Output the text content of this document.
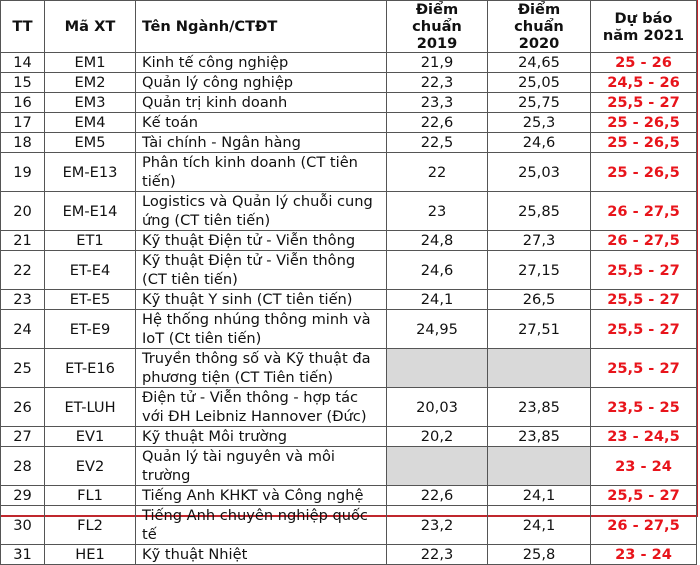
TT	Mã XT	Tên Ngành/CTĐT	Điểm chuẩn 2019	Điểm chuẩn 2020	Dự báo năm 2021
14	EM1	Kinh tế công nghiệp	21,9	24,65	25 - 26
15	EM2	Quản lý công nghiệp	22,3	25,05	24,5 - 26
16	EM3	Quản trị kinh doanh	23,3	25,75	25,5 - 27
17	EM4	Kế toán	22,6	25,3	25 - 26,5
18	EM5	Tài chính - Ngân hàng	22,5	24,6	25 - 26,5
19	EM-E13	Phân tích kinh doanh (CT tiên tiến)	22	25,03	25 - 26,5
20	EM-E14	Logistics và Quản lý chuỗi cung ứng (CT tiên tiến)	23	25,85	26 - 27,5
21	ET1	Kỹ thuật Điện tử - Viễn thông	24,8	27,3	26 - 27,5
22	ET-E4	Kỹ thuật Điện tử - Viễn thông (CT tiên tiến)	24,6	27,15	25,5 - 27
23	ET-E5	Kỹ thuật Y sinh (CT tiên tiến)	24,1	26,5	25,5 - 27
24	ET-E9	Hệ thống nhúng thông minh và IoT (Ct tiên tiến)	24,95	27,51	25,5 - 27
25	ET-E16	Truyền thông số và Kỹ thuật đa phương tiện (CT Tiên tiến)			25,5 - 27
26	ET-LUH	Điện tử - Viễn thông - hợp tác với ĐH Leibniz Hannover (Đức)	20,03	23,85	23,5 - 25
27	EV1	Kỹ thuật Môi trường	20,2	23,85	23 - 24,5
28	EV2	Quản lý tài nguyên và môi trường			23 - 24
29	FL1	Tiếng Anh KHKT và Công nghệ	22,6	24,1	25,5 - 27
30	FL2	Tiếng Anh chuyên nghiệp quốc tế	23,2	24,1	26 - 27,5
31	HE1	Kỹ thuật Nhiệt	22,3	25,8	23 - 24
